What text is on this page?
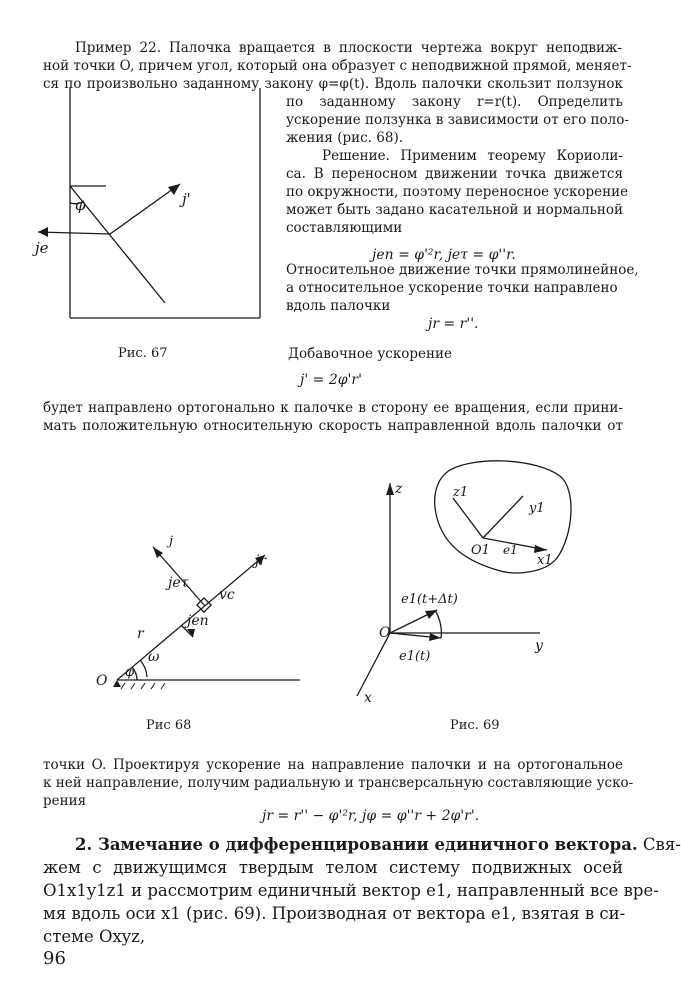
Пример 22. Палочка вращается в плоскости чертежа вокруг неподвиж-
ной точки O, причем угол, который она образует с неподвижной прямой, меняет-
ся по произвольно заданному закону φ=φ(t). Вдоль палочки скользит ползунок
по заданному закону r=r(t). Определить
ускорение ползунка в зависимости от его поло-
жения (рис. 68).
Решение. Применим теорему Кориоли-
са. В переносном движении точка движется
по окружности, поэтому переносное ускорение
может быть задано касательной и нормальной
составляющими
jen = φ'²r, jeτ = φ''r.
Относительное движение точки прямолинейное,
а относительное ускорение точки направлено
вдоль палочки
jr = r''.
Добавочное ускорение
j' = 2φ'r'
будет направлено ортогонально к палочке в сторону ее вращения, если прини-
мать положительную относительную скорость направленной вдоль палочки от
φ	j'
je
Рис. 67
j
jr
jeτ
vc
jen
r
ω
O
φ
Рис 68
z
y
x
O
z1
y1
O1 e1
x1
e1(t+Δt)
e1(t)
Рис. 69
точки O. Проектируя ускорение на направление палочки и на ортогональное
к ней направление, получим радиальную и трансверсальную составляющие уско-
рения
jr = r'' − φ'²r, jφ = φ''r + 2φ'r'.
2. Замечание о дифференцировании единичного вектора. Свя-
жем с движущимся твердым телом систему подвижных осей
O1x1y1z1 и рассмотрим единичный вектор e1, направленный все вре-
мя вдоль оси x1 (рис. 69). Производная от вектора e1, взятая в си-
стеме Oxyz,
96
